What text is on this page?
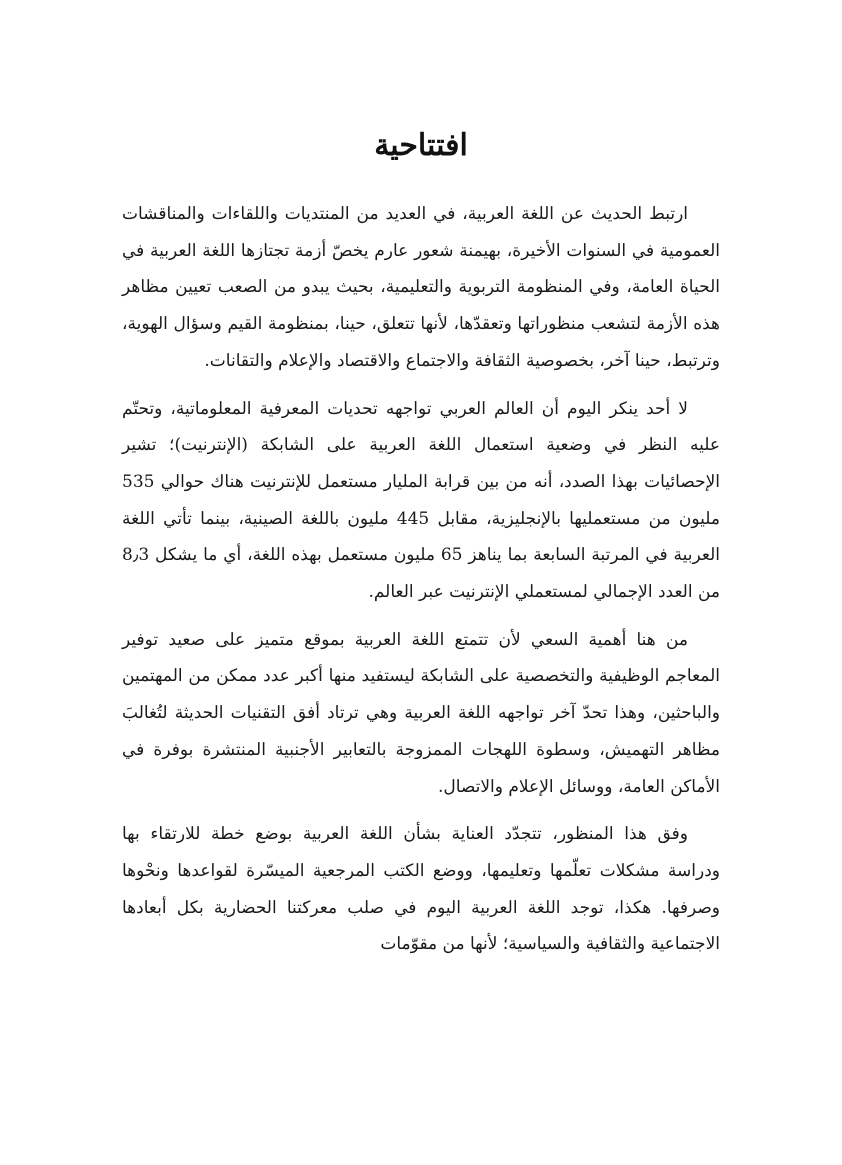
افتتاحية

ارتبط الحديث عن اللغة العربية، في العديد من المنتديات واللقاءات والمناقشات العمومية في السنوات الأخيرة، بهيمنة شعور عارم يخصّ أزمة تجتازها اللغة العربية في الحياة العامة، وفي المنظومة التربوية والتعليمية، بحيث يبدو من الصعب تعيين مظاهر هذه الأزمة لتشعب منظوراتها وتعقدّها، لأنها تتعلق، حينا، بمنظومة القيم وسؤال الهوية، وترتبط، حينا آخر، بخصوصية الثقافة والاجتماع والاقتصاد والإعلام والتقانات.

لا أحد ينكر اليوم أن العالم العربي تواجهه تحديات المعرفية المعلوماتية، وتحتّم عليه النظر في وضعية استعمال اللغة العربية على الشابكة (الإنترنيت)؛ تشير الإحصائيات بهذا الصدد، أنه من بين قرابة المليار مستعمل للإنترنيت هناك حوالي 535 مليون من مستعمليها بالإنجليزية، مقابل 445 مليون باللغة الصينية، بينما تأتي اللغة العربية في المرتبة السابعة بما يناهز 65 مليون مستعمل بهذه اللغة، أي ما يشكل 8٫3 من العدد الإجمالي لمستعملي الإنترنيت عبر العالم.

من هنا أهمية السعي لأن تتمتع اللغة العربية بموقع متميز على صعيد توفير المعاجم الوظيفية والتخصصية على الشابكة ليستفيد منها أكبر عدد ممكن من المهتمين والباحثين، وهذا تحدّ آخر تواجهه اللغة العربية وهي ترتاد أفق التقنيات الحديثة لتُغالبَ مظاهر التهميش، وسطوة اللهجات الممزوجة بالتعابير الأجنبية المنتشرة بوفرة في الأماكن العامة، ووسائل الإعلام والاتصال.

وفق هذا المنظور، تتجدّد العناية بشأن اللغة العربية بوضع خطة للارتقاء بها ودراسة مشكلات تعلّمها وتعليمها، ووضع الكتب المرجعية الميسّرة لقواعدها ونحْوها وصرفها. هكذا، توجد اللغة العربية اليوم في صلب معركتنا الحضارية بكل أبعادها الاجتماعية والثقافية والسياسية؛ لأنها من مقوّمات
